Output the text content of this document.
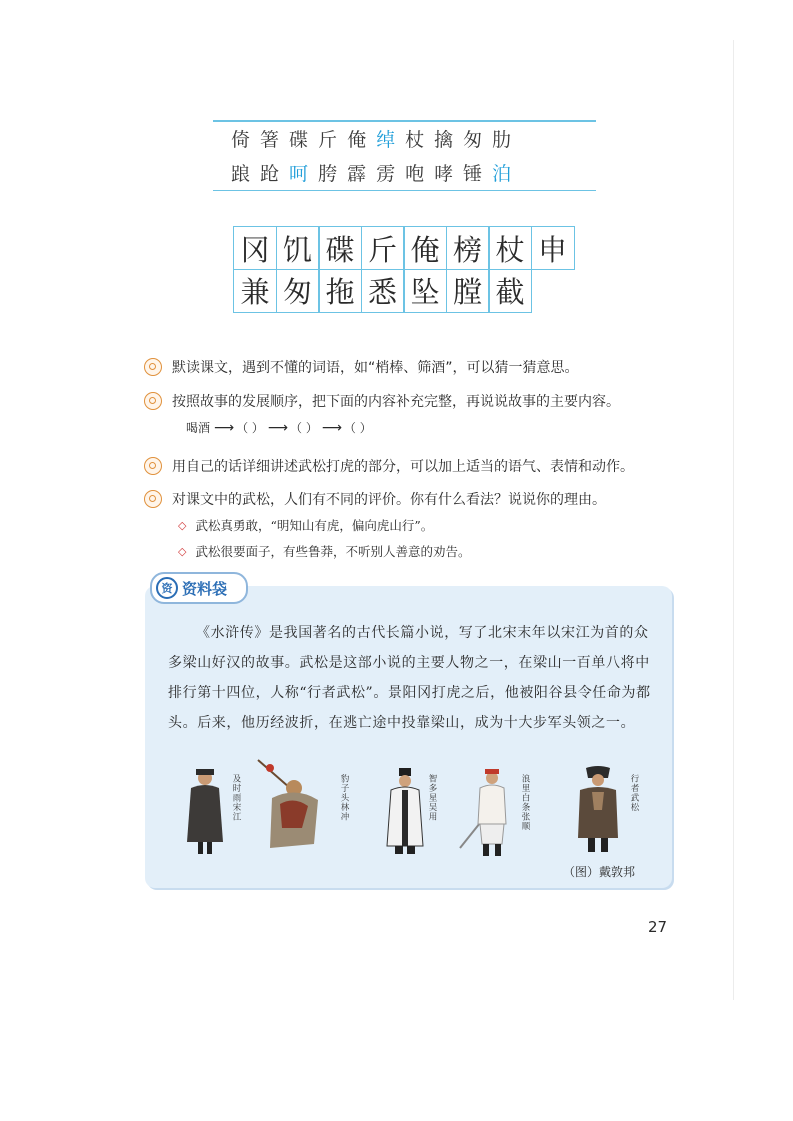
倚 箸 碟 斤 俺 绰 杖 擒 匆 肋
踉 跄 呵 胯 霹 雳 咆 哮 锤 泊
冈 饥 碟 斤 俺 榜 杖 申
兼 匆 拖 悉 坠 膛 截
默读课文，遇到不懂的词语，如“梢棒、筛酒”，可以猜一猜意思。
按照故事的发展顺序，把下面的内容补充完整，再说说故事的主要内容。
喝酒 ⟶ （ ） ⟶ （ ） ⟶ （ ）
用自己的话详细讲述武松打虎的部分，可以加上适当的语气、表情和动作。
对课文中的武松，人们有不同的评价。你有什么看法？说说你的理由。
◇ 武松真勇敢，“明知山有虎，偏向虎山行”。
◇ 武松很要面子，有些鲁莽，不听别人善意的劝告。
资 资料袋
《水浒传》是我国著名的古代长篇小说，写了北宋末年以宋江为首的众多梁山好汉的故事。武松是这部小说的主要人物之一，在梁山一百单八将中排行第十四位，人称“行者武松”。景阳冈打虎之后，他被阳谷县令任命为都头。后来，他历经波折，在逃亡途中投靠梁山，成为十大步军头领之一。
及时雨宋江	豹子头林冲	智多星吴用	浪里白条张顺	行者武松
（图）戴敦邦
27
